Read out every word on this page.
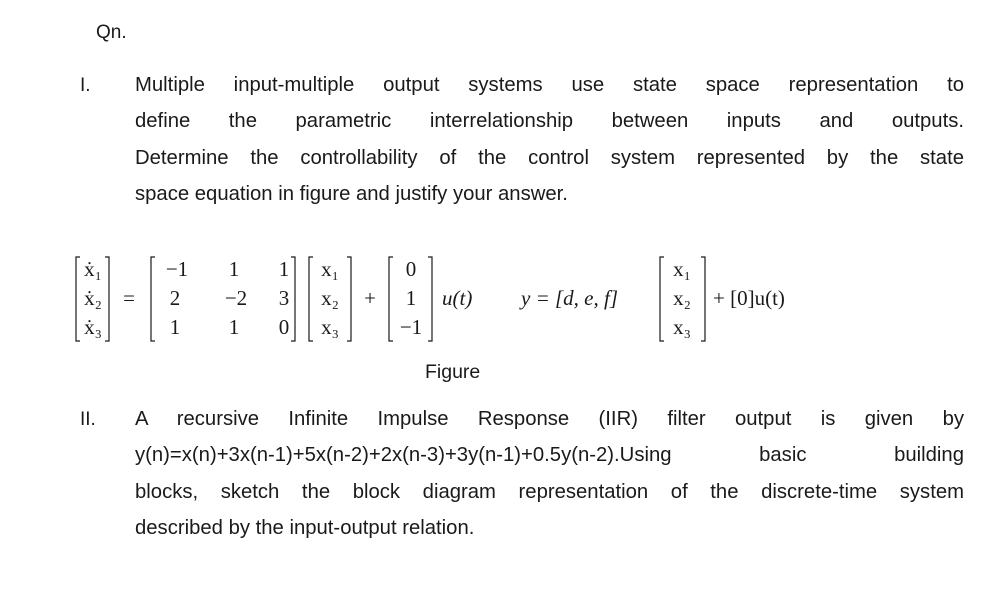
Qn.
I. Multiple input-multiple output systems use state space representation to
define the parametric interrelationship between inputs and outputs.
Determine the controllability of the control system represented by the state
space equation in figure and justify your answer.
ẋ₁
ẋ₂
ẋ₃
=
−1 1 1
2 −2 3
1 1 0
x₁
x₂
x₃
+
0
1
−1
u(t) y = [d, e, f]
x₁
x₂
x₃
+ [0]u(t)
Figure
II. A recursive Infinite Impulse Response (IIR) filter output is given by
y(n)=x(n)+3x(n-1)+5x(n-2)+2x(n-3)+3y(n-1)+0.5y(n-2).Using basic building
blocks, sketch the block diagram representation of the discrete-time system
described by the input-output relation.
